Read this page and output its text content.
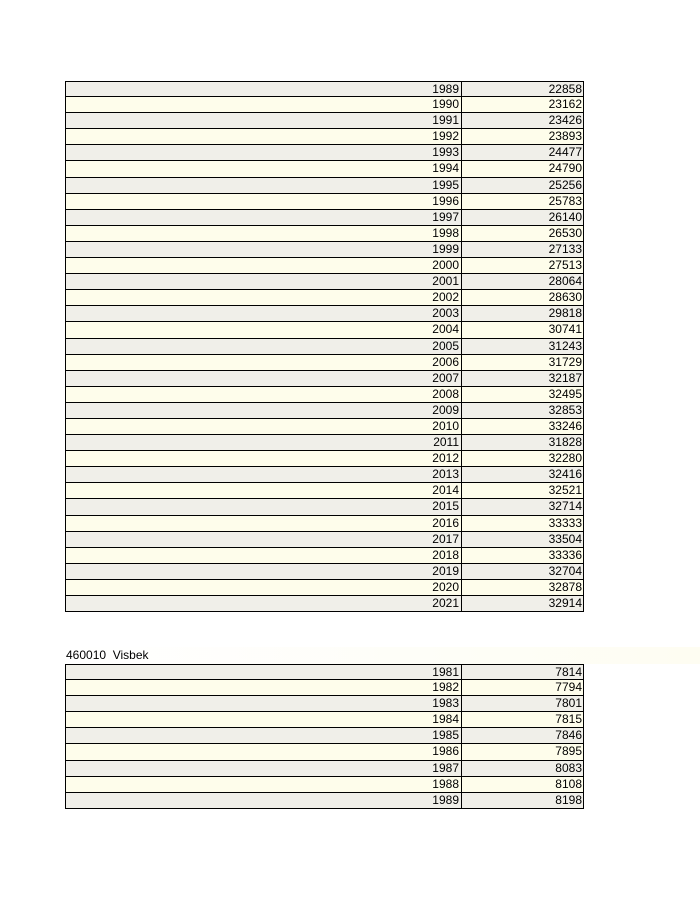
1989	22858
1990	23162
1991	23426
1992	23893
1993	24477
1994	24790
1995	25256
1996	25783
1997	26140
1998	26530
1999	27133
2000	27513
2001	28064
2002	28630
2003	29818
2004	30741
2005	31243
2006	31729
2007	32187
2008	32495
2009	32853
2010	33246
2011	31828
2012	32280
2013	32416
2014	32521
2015	32714
2016	33333
2017	33504
2018	33336
2019	32704
2020	32878
2021	32914
460010  Visbek
1981	7814
1982	7794
1983	7801
1984	7815
1985	7846
1986	7895
1987	8083
1988	8108
1989	8198
